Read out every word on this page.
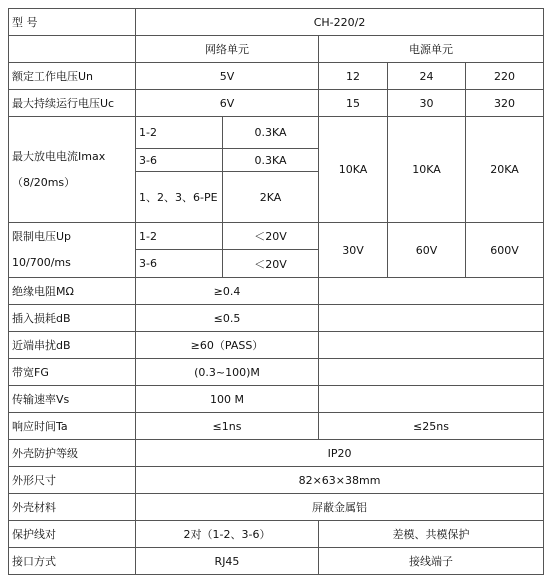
型 号	CH-220/2				
	网络单元		电源单元		
额定工作电压Un	5V		12	24	220
最大持续运行电压Uc	6V		15	30	320

最大放电电流Imax
（8/20ms）	1-2	0.3KA	10KA	10KA	20KA
	3-6	0.3KA			
	1、2、3、6-PE	2KA			

限制电压Up
10/700/ms	1-2	＜20V	30V	60V	600V
	3-6	＜20V			
绝缘电阻MΩ	≥0.4				
插入损耗dB	≤0.5				
近端串扰dB	≥60（PASS）				
带宽FG	(0.3~100)M				
传输速率Vs	100 M				
响应时间Ta	≤1ns		≤25ns		
外壳防护等级	IP20				
外形尺寸	82×63×38mm				
外壳材料	屏蔽金属铝				
保护线对	2对（1-2、3-6）		差模、共模保护		
接口方式	RJ45		接线端子		
